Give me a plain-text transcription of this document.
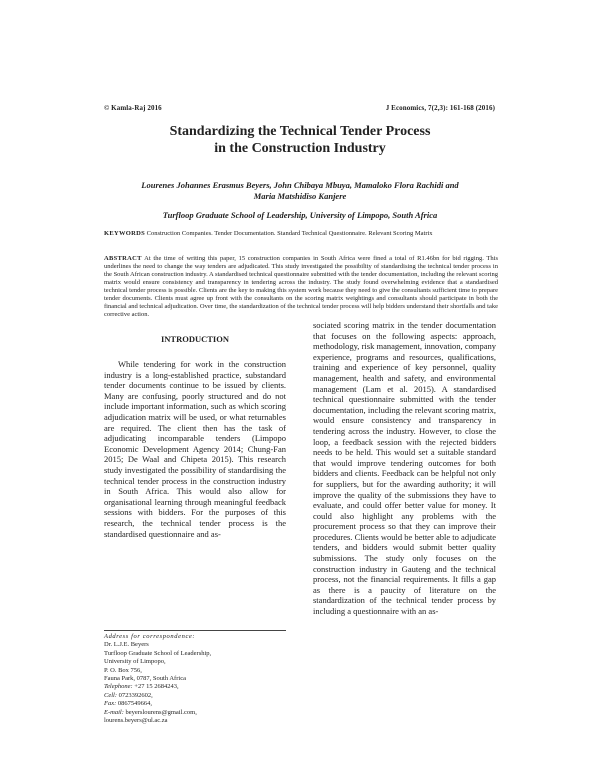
© Kamla-Raj 2016	J Economics, 7(2,3): 161-168 (2016)
Standardizing the Technical Tender Process
in the Construction Industry
Lourenes Johannes Erasmus Beyers, John Chibaya Mbuya, Mamaloko Flora Rachidi and
Maria Matshidiso Kanjere
Turfloop Graduate School of Leadership, University of Limpopo, South Africa
KEYWORDS Construction Companies. Tender Documentation. Standard Technical Questionnaire. Relevant Scoring Matrix
ABSTRACT At the time of writing this paper, 15 construction companies in South Africa were fined a total of R1.46bn for bid rigging. This underlines the need to change the way tenders are adjudicated. This study investigated the possibility of standardising the technical tender process in the South African construction industry. A standardised technical questionnaire submitted with the tender documentation, including the relevant scoring matrix would ensure consistency and transparency in tendering across the industry. The study found overwhelming evidence that a standardised technical tender process is possible. Clients are the key to making this system work because they need to give the consultants sufficient time to prepare tender documents. Clients must agree up front with the consultants on the scoring matrix weightings and consultants should participate in both the financial and technical adjudication. Over time, the standardization of the technical tender process will help bidders understand their shortfalls and take corrective action.
INTRODUCTION

While tendering for work in the construction industry is a long-established practice, substandard tender documents continue to be issued by clients. Many are confusing, poorly structured and do not include important information, such as which scoring adjudication matrix will be used, or what returnables are required. The client then has the task of adjudicating incomparable tenders (Limpopo Economic Development Agency 2014; Chung-Fan 2015; De Waal and Chipeta 2015). This research study investigated the possibility of standardising the technical tender process in the construction industry in South Africa. This would also allow for organisational learning through meaningful feedback sessions with bidders. For the purposes of this research, the technical tender process is the standardised questionnaire and as-

sociated scoring matrix in the tender documentation that focuses on the following aspects: approach, methodology, risk management, innovation, company experience, programs and resources, qualifications, training and experience of key personnel, quality management, health and safety, and environmental management (Lam et al. 2015). A standardised technical questionnaire submitted with the tender documentation, including the relevant scoring matrix, would ensure consistency and transparency in tendering across the industry. However, to close the loop, a feedback session with the rejected bidders needs to be held. This would set a suitable standard that would improve tendering outcomes for both bidders and clients. Feedback can be helpful not only for suppliers, but for the awarding authority; it will improve the quality of the submissions they have to evaluate, and could offer better value for money. It could also highlight any problems with the procurement process so that they can improve their procedures. Clients would be better able to adjudicate tenders, and bidders would submit better quality submissions. The study only focuses on the construction industry in Gauteng and the technical process, not the financial requirements. It fills a gap as there is a paucity of literature on the standardization of the technical tender process by including a questionnaire with an as-

Address for correspondence:
Dr. L.J.E. Beyers
Turfloop Graduate School of Leadership,
University of Limpopo,
P. O. Box 756,
Fauna Park, 0787, South Africa
Telephone: +27 15 2684243,
Cell: 0723392602,
Fax: 0867549664,
E-mail: beyerslourens@gmail.com,
lourens.beyers@ul.ac.za
